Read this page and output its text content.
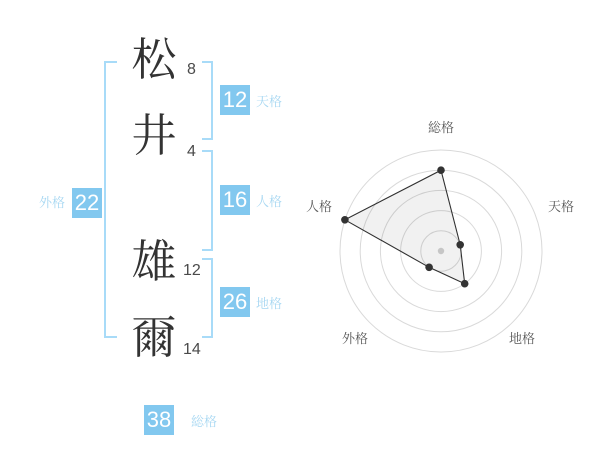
松
井
雄
爾
8
4
12
14
外格 22
12 天格
16 人格
26 地格
38 総格
総格
天格
地格
外格
人格
